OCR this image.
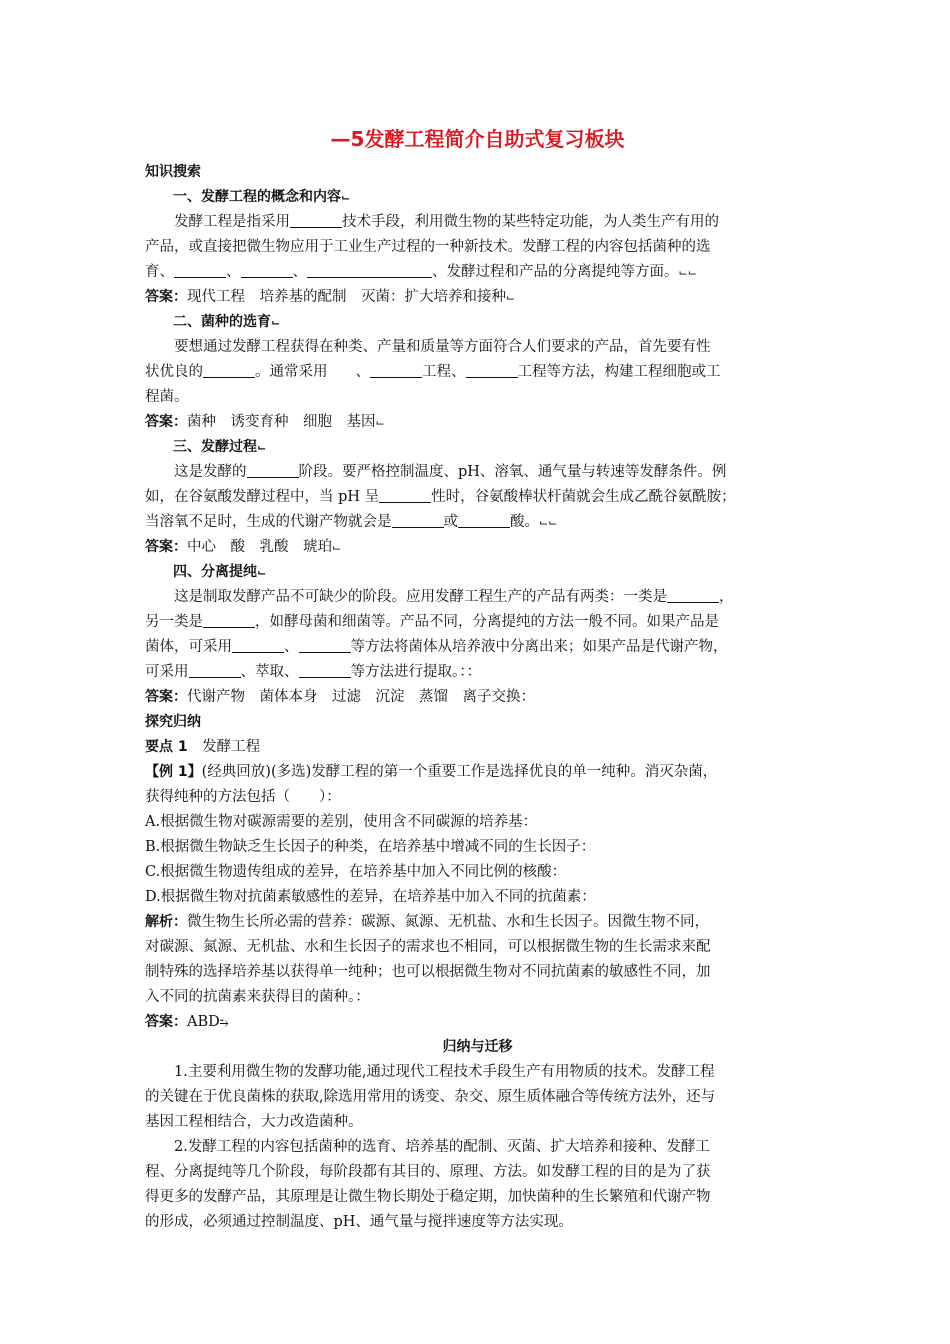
—5发酵工程简介自助式复习板块

知识搜索

一、发酵工程的概念和内容⌙

发酵工程是指采用	技术手段，利用微生物的某些特定功能，为人类生产有用的

产品，或直接把微生物应用于工业生产过程的一种新技术。发酵工程的内容包括菌种的选

育、	、	、	、发酵过程和产品的分离提纯等方面。⌙⌙

答案：现代工程　培养基的配制　灭菌：扩大培养和接种⌙

二、菌种的选育⌙

要想通过发酵工程获得在种类、产量和质量等方面符合人们要求的产品，首先要有性

状优良的	。通常采用 、	工程、	工程等方法，构建工程细胞或工

程菌。

答案：菌种　诱变育种　细胞　基因⌙

三、发酵过程⌙

这是发酵的	阶段。要严格控制温度、pH、溶氧、通气量与转速等发酵条件。例

如，在谷氨酸发酵过程中，当 pH 呈	性时，谷氨酸棒状杆菌就会生成乙酰谷氨酰胺；

当溶氧不足时，生成的代谢产物就会是	或	酸。⌙⌙

答案：中心　酸　乳酸　琥珀⌙

四、分离提纯⌙

这是制取发酵产品不可缺少的阶段。应用发酵工程生产的产品有两类：一类是	，

另一类是	，如酵母菌和细菌等。产品不同，分离提纯的方法一般不同。如果产品是

菌体，可采用	、	等方法将菌体从培养液中分离出来；如果产品是代谢产物，

可采用	、萃取、	等方法进行提取。：：

答案：代谢产物　菌体本身　过滤　沉淀　蒸馏　离子交换：

探究归纳

要点 1 发酵工程

【例 1】(经典回放)(多选)发酵工程的第一个重要工作是选择优良的单一纯种。消灭杂菌，

获得纯种的方法包括（　　）：

A.根据微生物对碳源需要的差别，使用含不同碳源的培养基：

B.根据微生物缺乏生长因子的种类，在培养基中增减不同的生长因子：

C.根据微生物遗传组成的差异，在培养基中加入不同比例的核酸：

D.根据微生物对抗菌素敏感性的差异，在培养基中加入不同的抗菌素：

解析：微生物生长所必需的营养：碳源、氮源、无机盐、水和生长因子。因微生物不同，

对碳源、氮源、无机盐、水和生长因子的需求也不相同，可以根据微生物的生长需求来配

制特殊的选择培养基以获得单一纯种；也可以根据微生物对不同抗菌素的敏感性不同，加

入不同的抗菌素来获得目的菌种。：

答案：ABD⥲

归纳与迁移

1.主要利用微生物的发酵功能,通过现代工程技术手段生产有用物质的技术。发酵工程

的关键在于优良菌株的获取,除选用常用的诱变、杂交、原生质体融合等传统方法外，还与

基因工程相结合，大力改造菌种。

2.发酵工程的内容包括菌种的选育、培养基的配制、灭菌、扩大培养和接种、发酵工

程、分离提纯等几个阶段，每阶段都有其目的、原理、方法。如发酵工程的目的是为了获

得更多的发酵产品，其原理是让微生物长期处于稳定期，加快菌种的生长繁殖和代谢产物

的形成，必须通过控制温度、pH、通气量与搅拌速度等方法实现。
